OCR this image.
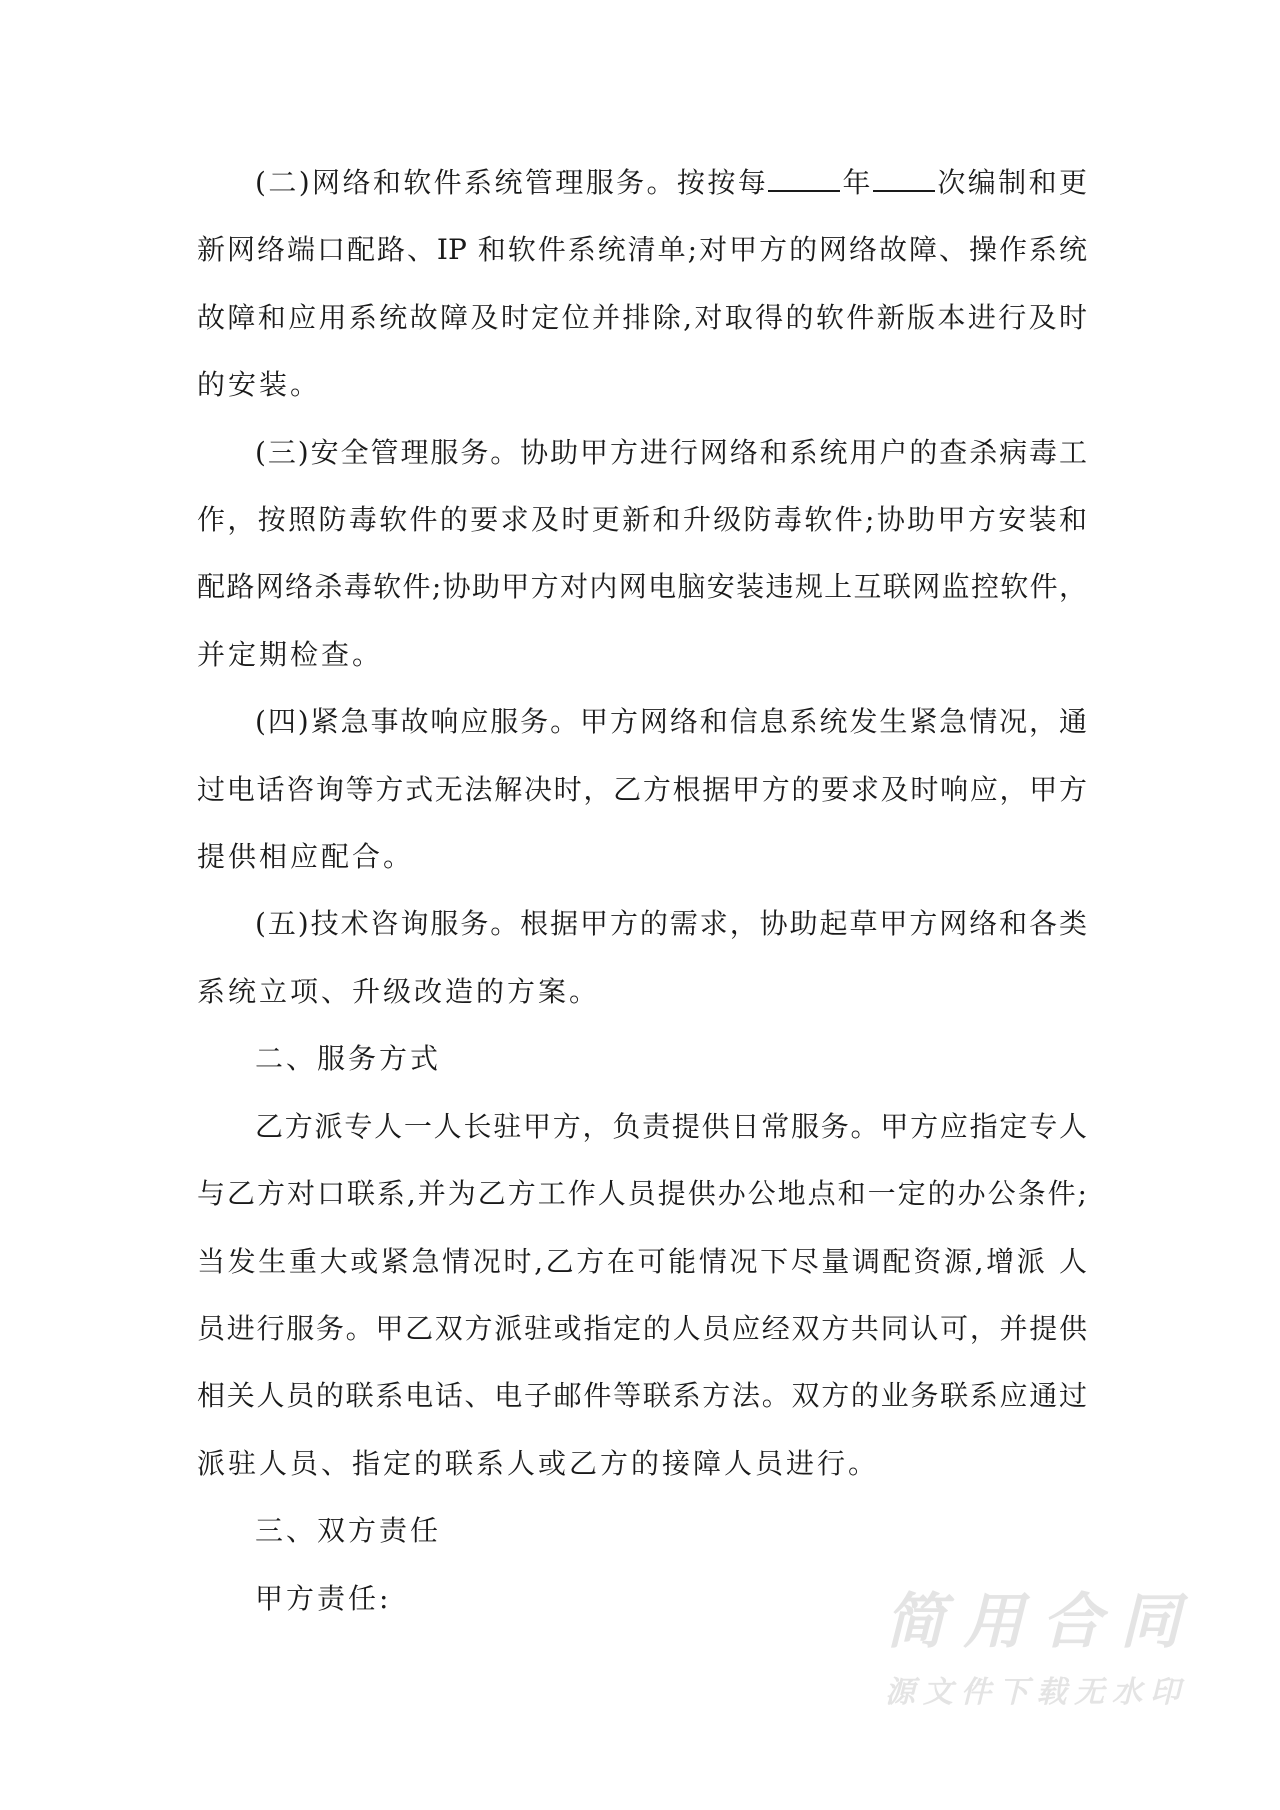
(二)网络和软件系统管理服务。按按每	年 次编制和更
新网络端口配路、IP 和软件系统清单;对甲方的网络故障、操作系统
故障和应用系统故障及时定位并排除,对取得的软件新版本进行及时
的安装。
(三)安全管理服务。协助甲方进行网络和系统用户的查杀病毒工
作，按照防毒软件的要求及时更新和升级防毒软件;协助甲方安装和
配路网络杀毒软件;协助甲方对内网电脑安装违规上互联网监控软件，
并定期检查。
(四)紧急事故响应服务。甲方网络和信息系统发生紧急情况，通
过电话咨询等方式无法解决时，乙方根据甲方的要求及时响应，甲方
提供相应配合。
(五)技术咨询服务。根据甲方的需求，协助起草甲方网络和各类
系统立项、升级改造的方案。
二、服务方式
乙方派专人一人长驻甲方，负责提供日常服务。甲方应指定专人
与乙方对口联系,并为乙方工作人员提供办公地点和一定的办公条件;
当发生重大或紧急情况时,乙方在可能情况下尽量调配资源,增派 人
员进行服务。甲乙双方派驻或指定的人员应经双方共同认可，并提供
相关人员的联系电话、电子邮件等联系方法。双方的业务联系应通过
派驻人员、指定的联系人或乙方的接障人员进行。
三、双方责任
甲方责任:	简用合同
源文件下载无水印
